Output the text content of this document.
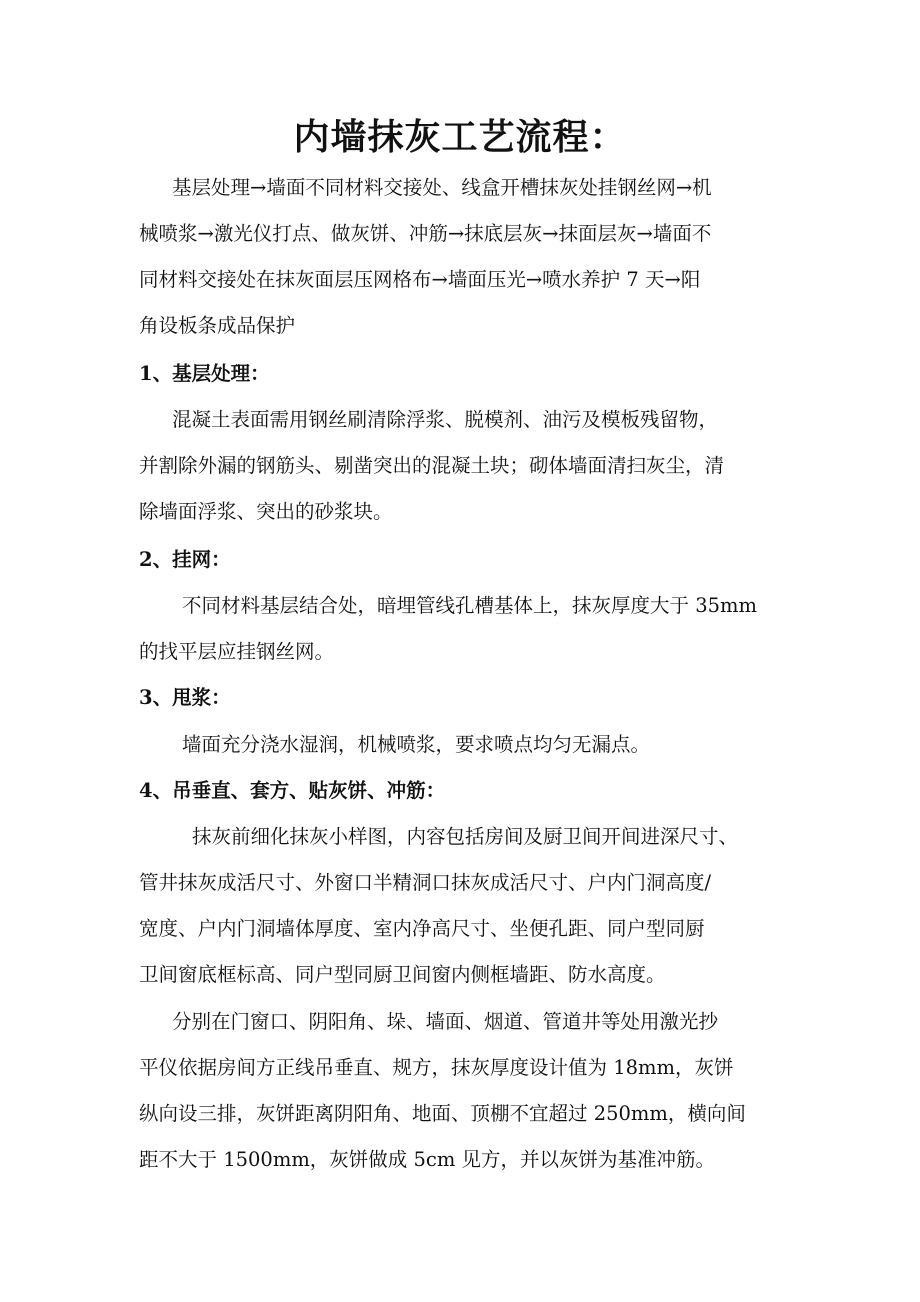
内墙抹灰工艺流程：
基层处理→墙面不同材料交接处、线盒开槽抹灰处挂钢丝网→机
械喷浆→激光仪打点、做灰饼、冲筋→抹底层灰→抹面层灰→墙面不
同材料交接处在抹灰面层压网格布→墙面压光→喷水养护 7 天→阳
角设板条成品保护
1、基层处理：
混凝土表面需用钢丝刷清除浮浆、脱模剂、油污及模板残留物，
并割除外漏的钢筋头、剔凿突出的混凝土块；砌体墙面清扫灰尘，清
除墙面浮浆、突出的砂浆块。
2、挂网：
不同材料基层结合处，暗埋管线孔槽基体上，抹灰厚度大于 35mm
的找平层应挂钢丝网。
3、甩浆：
墙面充分浇水湿润，机械喷浆，要求喷点均匀无漏点。
4、吊垂直、套方、贴灰饼、冲筋：
抹灰前细化抹灰小样图，内容包括房间及厨卫间开间进深尺寸、
管井抹灰成活尺寸、外窗口半精洞口抹灰成活尺寸、户内门洞高度/
宽度、户内门洞墙体厚度、室内净高尺寸、坐便孔距、同户型同厨
卫间窗底框标高、同户型同厨卫间窗内侧框墙距、防水高度。
分别在门窗口、阴阳角、垛、墙面、烟道、管道井等处用激光抄
平仪依据房间方正线吊垂直、规方，抹灰厚度设计值为 18mm，灰饼
纵向设三排，灰饼距离阴阳角、地面、顶棚不宜超过 250mm，横向间
距不大于 1500mm，灰饼做成 5cm 见方，并以灰饼为基准冲筋。
